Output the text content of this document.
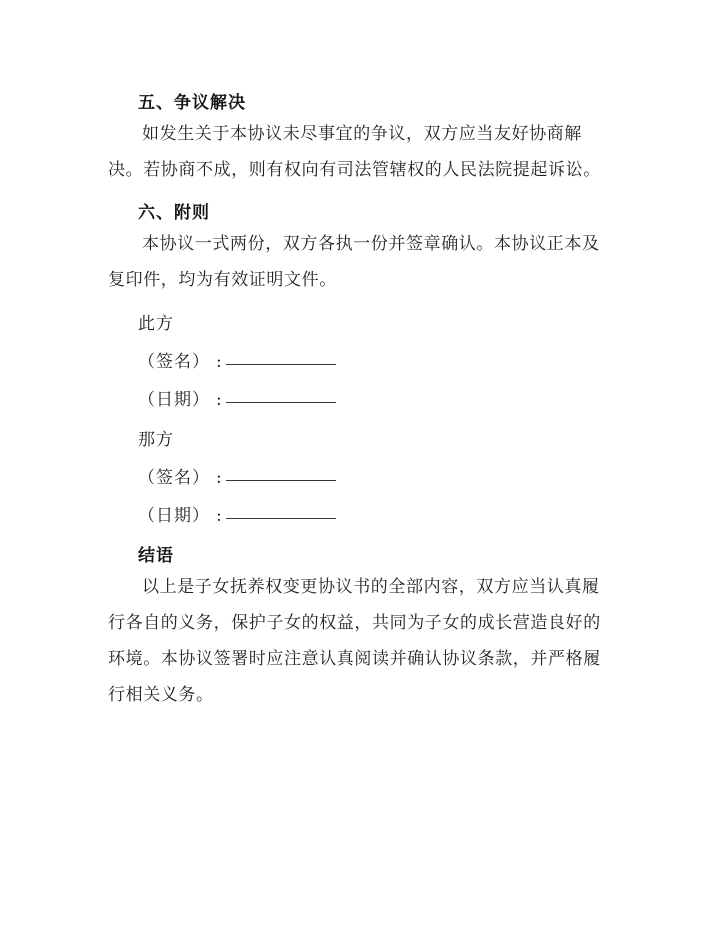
五、争议解决
如发生关于本协议未尽事宜的争议，双方应当友好协商解决。若协商不成，则有权向有司法管辖权的人民法院提起诉讼。
六、附则
本协议一式两份，双方各执一份并签章确认。本协议正本及复印件，均为有效证明文件。
此方
（签名） :
（日期） :
那方
（签名） :
（日期） :
结语
以上是子女抚养权变更协议书的全部内容，双方应当认真履行各自的义务，保护子女的权益，共同为子女的成长营造良好的环境。本协议签署时应注意认真阅读并确认协议条款，并严格履行相关义务。
